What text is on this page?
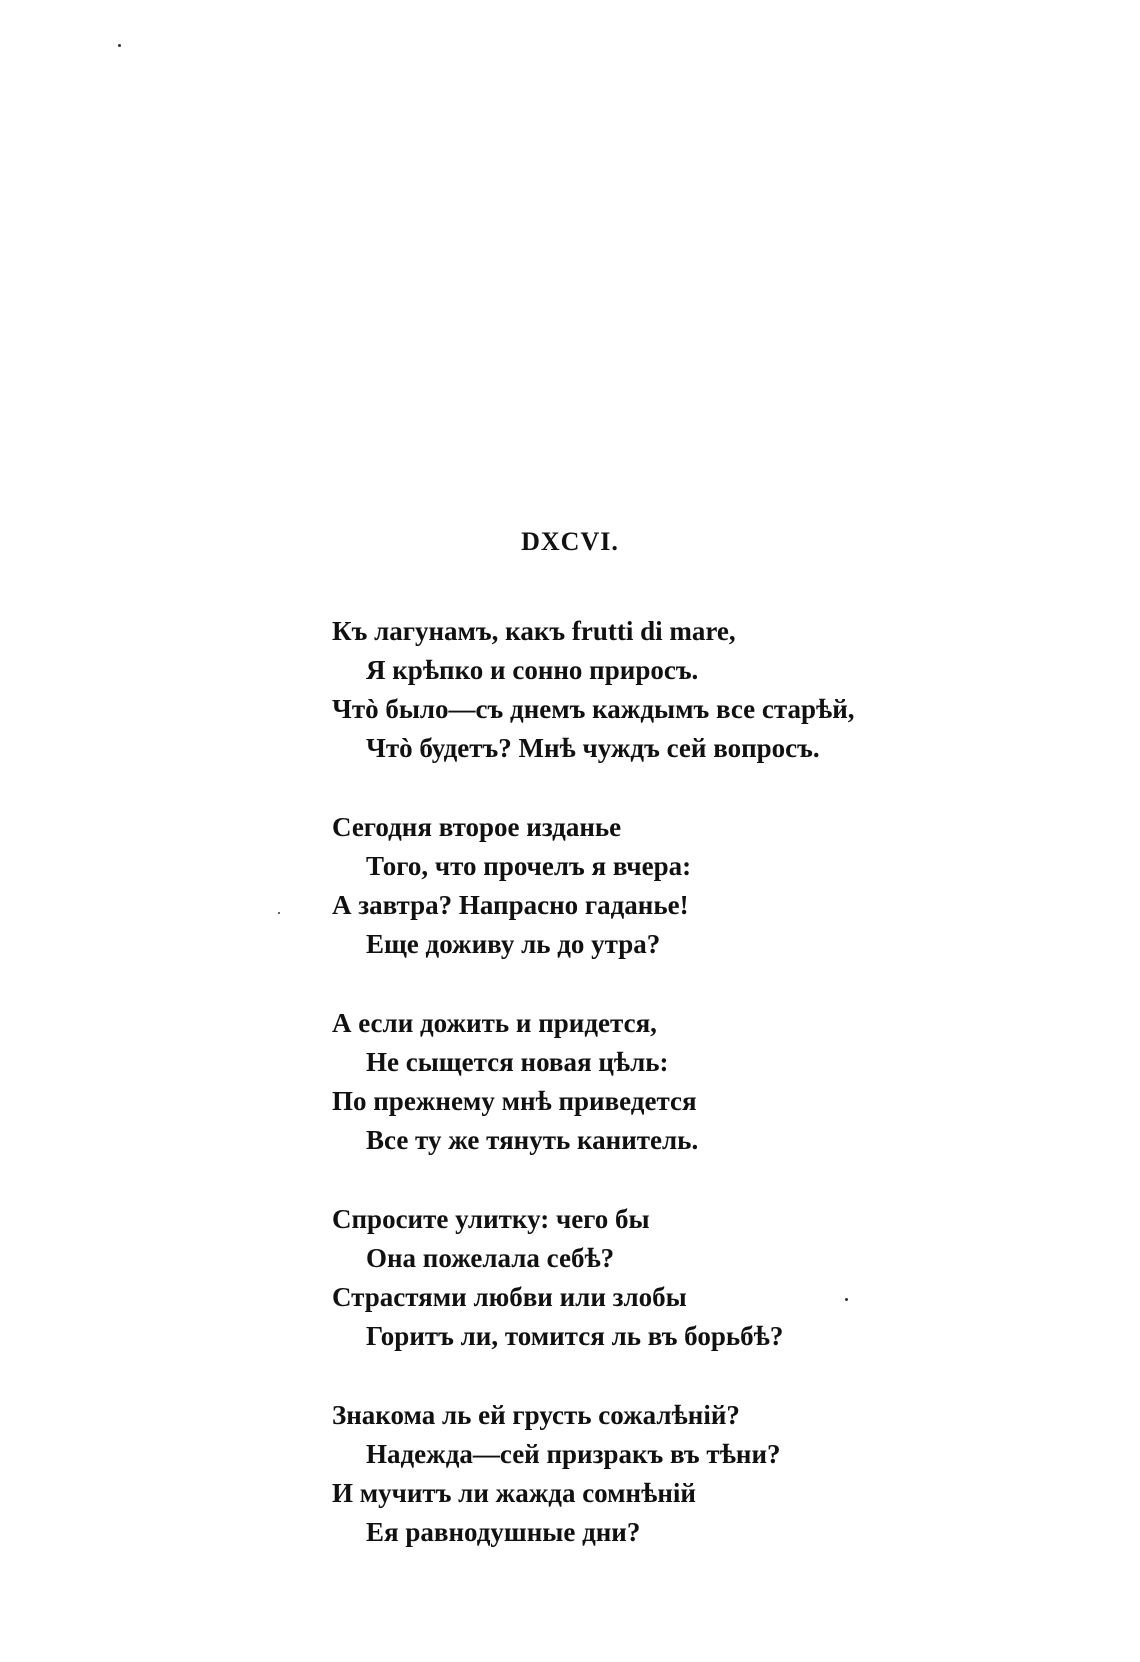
DXCVI.
Къ лагунамъ, какъ frutti di mare,
Я крѣпко и сонно приросъ.
Чтò было—съ днемъ каждымъ все старѣй,
Чтò будетъ? Мнѣ чуждъ сей вопросъ.
Сегодня второе изданье
Того, что прочелъ я вчера:
А завтра? Напрасно гаданье!
Еще доживу ль до утра?
А если дожить и придется,
Не сыщется новая цѣль:
По прежнему мнѣ приведется
Все ту же тянуть канитель.
Спросите улитку: чего бы
Она пожелала себѣ?
Страстями любви или злобы
Горитъ ли, томится ль въ борьбѣ?
Знакома ль ей грусть сожалѣній?
Надежда—сей призракъ въ тѣни?
И мучитъ ли жажда сомнѣній
Ея равнодушные дни?
